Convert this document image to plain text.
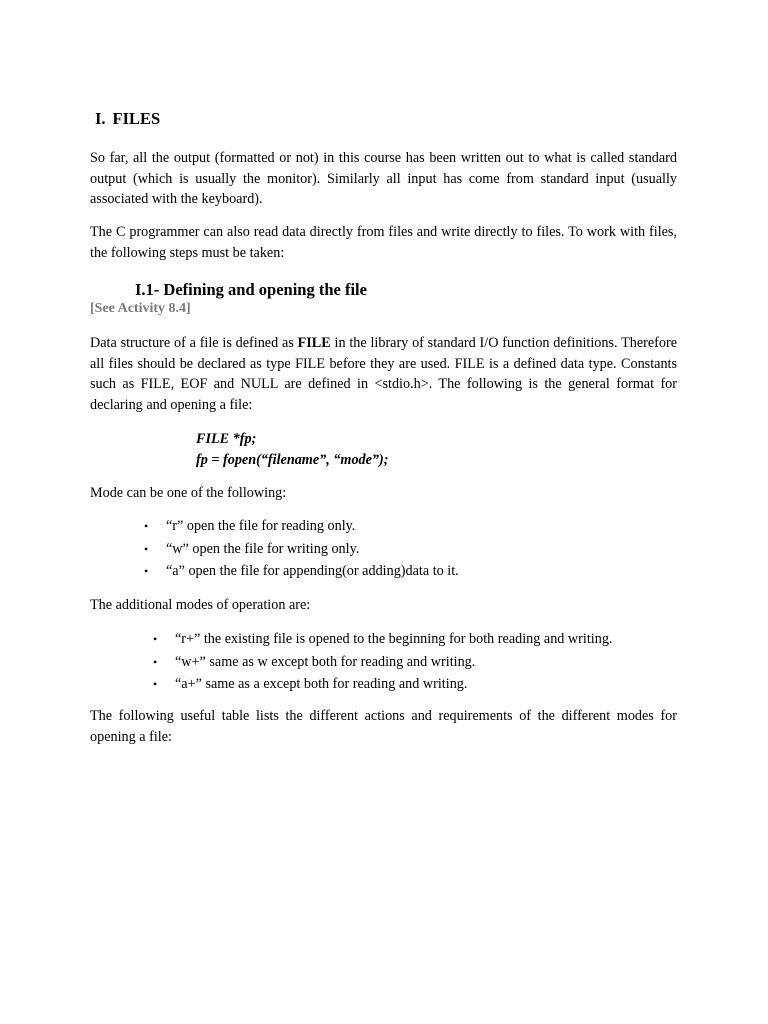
I. FILES

So far, all the output (formatted or not) in this course has been written out to what is called standard output (which is usually the monitor). Similarly all input has come from standard input (usually associated with the keyboard).

The C programmer can also read data directly from files and write directly to files. To work with files, the following steps must be taken:

I.1- Defining and opening the file

[See Activity 8.4]

Data structure of a file is defined as FILE in the library of standard I/O function definitions. Therefore all files should be declared as type FILE before they are used. FILE is a defined data type. Constants such as FILE, EOF and NULL are defined in <stdio.h>. The following is the general format for declaring and opening a file:

FILE *fp;
fp = fopen(“filename”, “mode”);

Mode can be one of the following:

• “r” open the file for reading only.
• “w” open the file for writing only.
• “a” open the file for appending(or adding)data to it.

The additional modes of operation are:

• “r+” the existing file is opened to the beginning for both reading and writing.
• “w+” same as w except both for reading and writing.
• “a+” same as a except both for reading and writing.

The following useful table lists the different actions and requirements of the different modes for opening a file:
